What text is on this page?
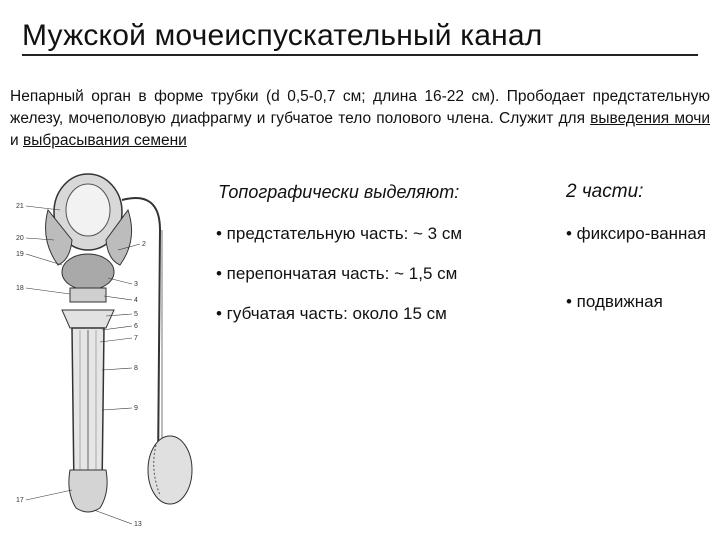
Мужской мочеиспускательный канал
Непарный орган в форме трубки (d 0,5-0,7 см; длина 16-22 см). Прободает предстательную железу, мочеполовую диафрагму и губчатое тело полового члена. Служит для выведения мочи и выбрасывания семени
21
20
19
18
17
2
3
4
5
6
7
8
9
13
Топографически выделяют:	2 части:
• предстательную часть: ~ 3 см
• перепончатая часть: ~ 1,5 см
• губчатая часть: около 15 см
• фиксиро-ванная
• подвижная
